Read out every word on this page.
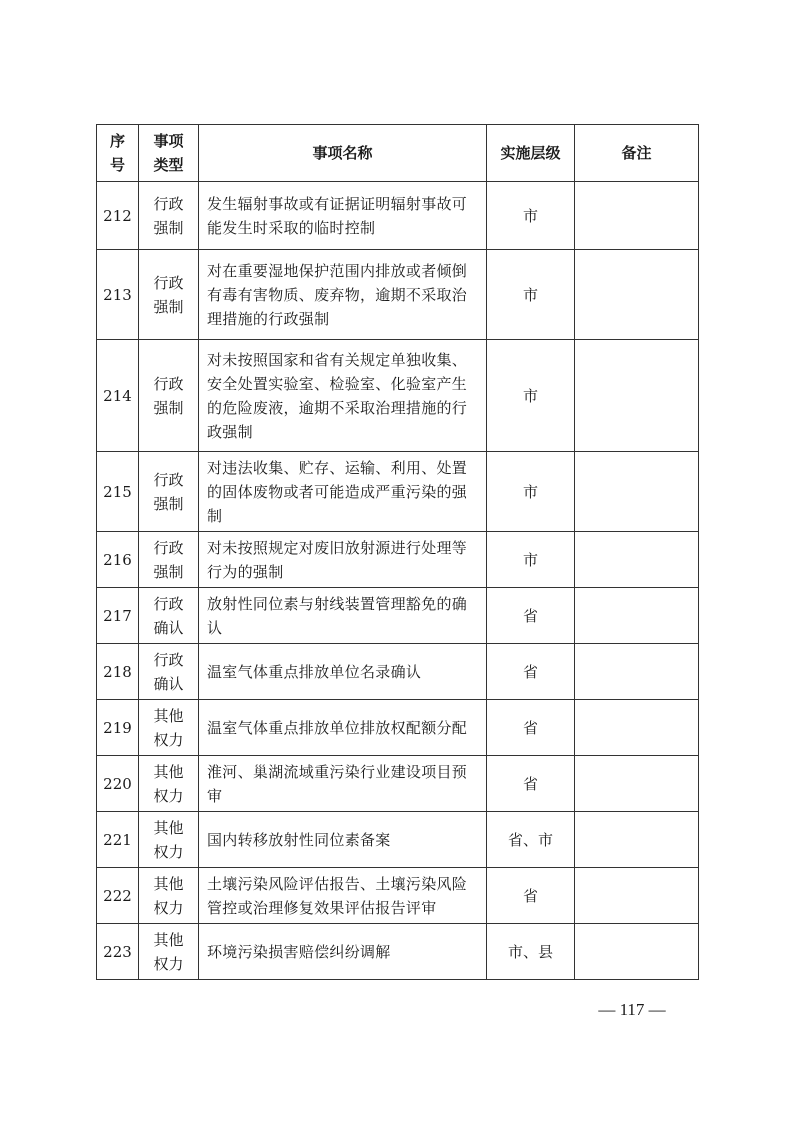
序号	事项类型	事项名称	实施层级	备注
212	行政强制	发生辐射事故或有证据证明辐射事故可能发生时采取的临时控制	市	
213	行政强制	对在重要湿地保护范围内排放或者倾倒有毒有害物质、废弃物，逾期不采取治理措施的行政强制	市	
214	行政强制	对未按照国家和省有关规定单独收集、安全处置实验室、检验室、化验室产生的危险废液，逾期不采取治理措施的行政强制	市	
215	行政强制	对违法收集、贮存、运输、利用、处置的固体废物或者可能造成严重污染的强制	市	
216	行政强制	对未按照规定对废旧放射源进行处理等行为的强制	市	
217	行政确认	放射性同位素与射线装置管理豁免的确认	省	
218	行政确认	温室气体重点排放单位名录确认	省	
219	其他权力	温室气体重点排放单位排放权配额分配	省	
220	其他权力	淮河、巢湖流域重污染行业建设项目预审	省	
221	其他权力	国内转移放射性同位素备案	省、市	
222	其他权力	土壤污染风险评估报告、土壤污染风险管控或治理修复效果评估报告评审	省	
223	其他权力	环境污染损害赔偿纠纷调解	市、县	
— 117 —
